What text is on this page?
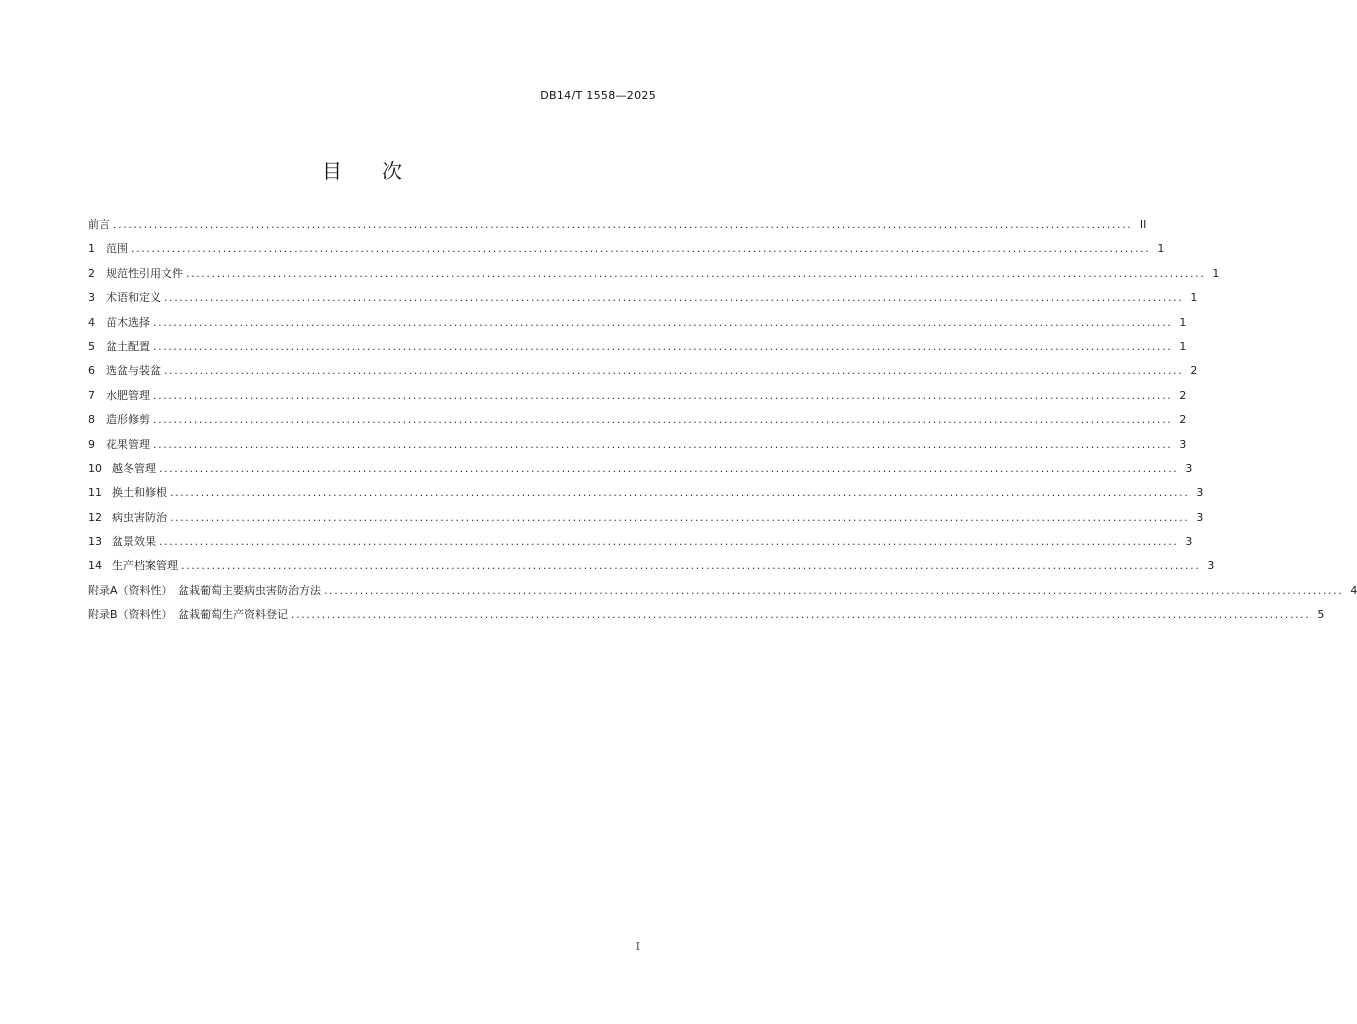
DB14/T 1558—2025
目 次
前言 ........................................................................................................................................................................................................ II
1	范围 ........................................................................................................................................................................................................ 1
2	规范性引用文件 ........................................................................................................................................................................................................ 1
3	术语和定义 ........................................................................................................................................................................................................ 1
4	苗木选择 ........................................................................................................................................................................................................ 1
5	盆土配置 ........................................................................................................................................................................................................ 1
6	选盆与装盆 ........................................................................................................................................................................................................ 2
7	水肥管理 ........................................................................................................................................................................................................ 2
8	造形修剪 ........................................................................................................................................................................................................ 2
9	花果管理 ........................................................................................................................................................................................................ 3
10 越冬管理 ........................................................................................................................................................................................................ 3
11 换土和修根 ........................................................................................................................................................................................................ 3
12 病虫害防治 ........................................................................................................................................................................................................ 3
13 盆景效果 ........................................................................................................................................................................................................ 3
14 生产档案管理 ........................................................................................................................................................................................................ 3
附录A（资料性）　盆栽葡萄主要病虫害防治方法 ........................................................................................................................................................................................................ 4
附录B（资料性）　盆栽葡萄生产资料登记 ........................................................................................................................................................................................................ 5
I
